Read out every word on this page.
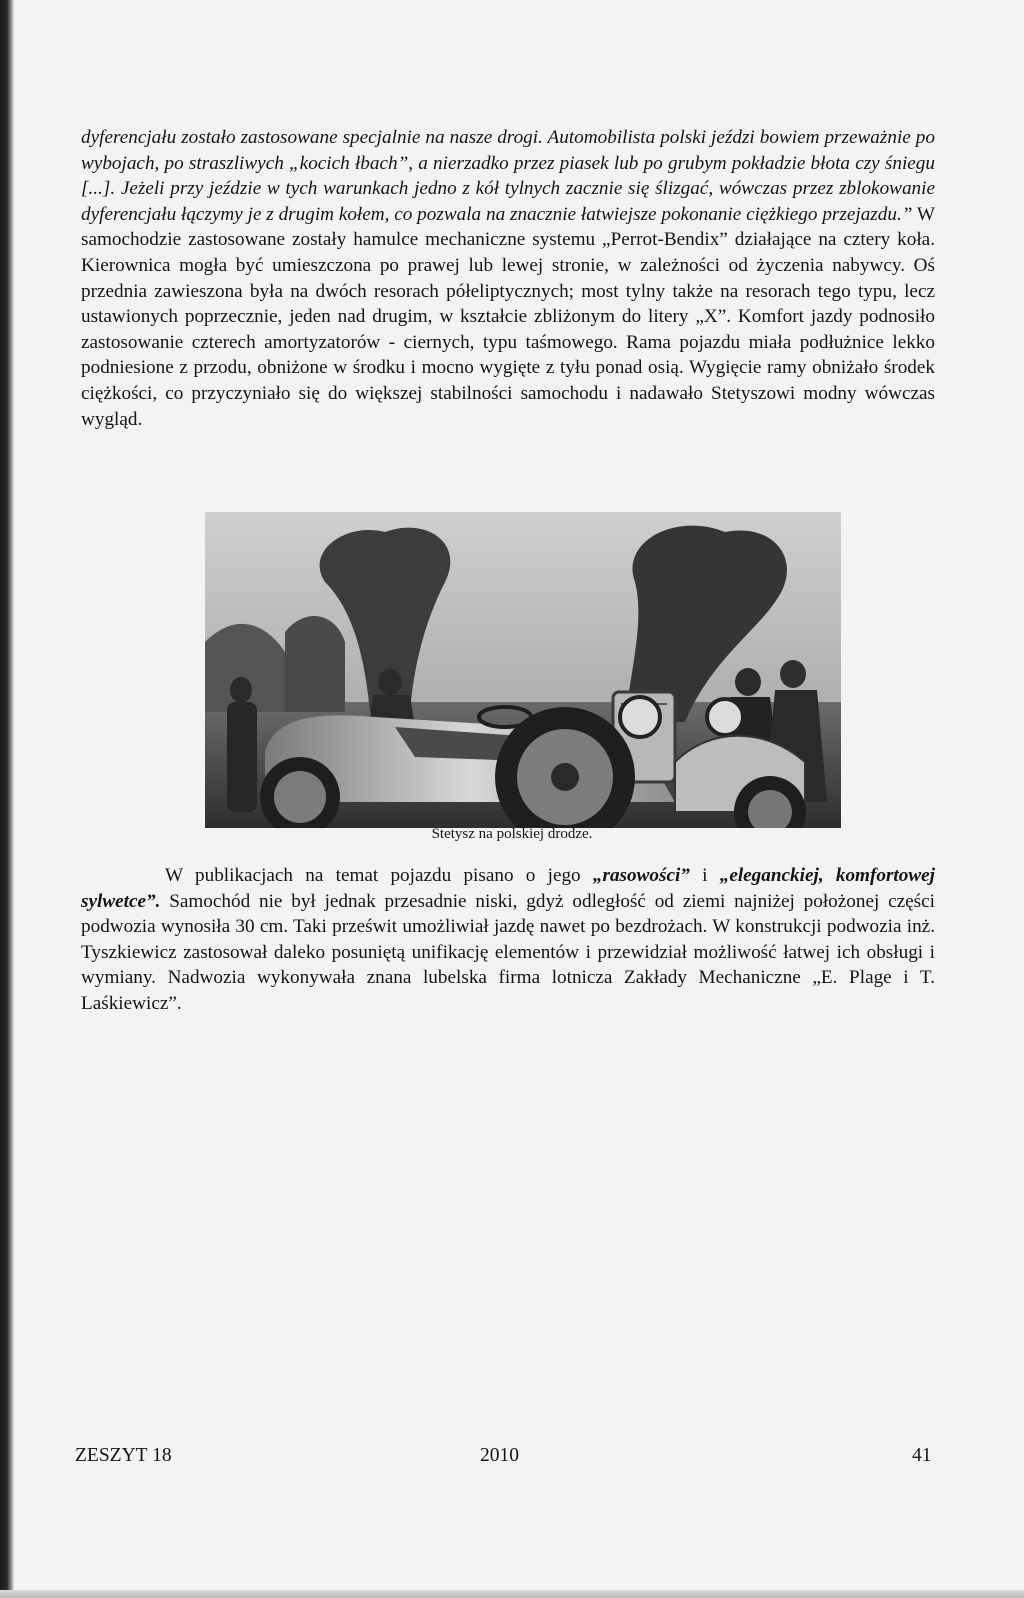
dyferencjału zostało zastosowane specjalnie na nasze drogi. Automobilista polski jeździ bowiem przeważnie po wybojach, po straszliwych „kocich łbach”, a nierzadko przez piasek lub po grubym pokładzie błota czy śniegu [...]. Jeżeli przy jeździe w tych warunkach jedno z kół tylnych zacznie się ślizgać, wówczas przez zblokowanie dyferencjału łączymy je z drugim kołem, co pozwala na znacznie łatwiejsze pokonanie ciężkiego przejazdu.” W samochodzie zastosowane zostały hamulce mechaniczne systemu „Perrot-Bendix” działające na cztery koła. Kierownica mogła być umieszczona po prawej lub lewej stronie, w zależności od życzenia nabywcy. Oś przednia zawieszona była na dwóch resorach półeliptycznych; most tylny także na resorach tego typu, lecz ustawionych poprzecznie, jeden nad drugim, w kształcie zbliżonym do litery „X”. Komfort jazdy podnosiło zastosowanie czterech amortyzatorów - ciernych, typu taśmowego. Rama pojazdu miała podłużnice lekko podniesione z przodu, obniżone w środku i mocno wygięte z tyłu ponad osią. Wygięcie ramy obniżało środek ciężkości, co przyczyniało się do większej stabilności samochodu i nadawało Stetyszowi modny wówczas wygląd.
Stetysz na polskiej drodze.
W publikacjach na temat pojazdu pisano o jego „rasowości” i „eleganckiej, komfortowej sylwetce”. Samochód nie był jednak przesadnie niski, gdyż odległość od ziemi najniżej położonej części podwozia wynosiła 30 cm. Taki prześwit umożliwiał jazdę nawet po bezdrożach. W konstrukcji podwozia inż. Tyszkiewicz zastosował daleko posuniętą unifikację elementów i przewidział możliwość łatwej ich obsługi i wymiany. Nadwozia wykonywała znana lubelska firma lotnicza Zakłady Mechaniczne „E. Plage i T. Laśkiewicz”.
ZESZYT 18	2010	41
